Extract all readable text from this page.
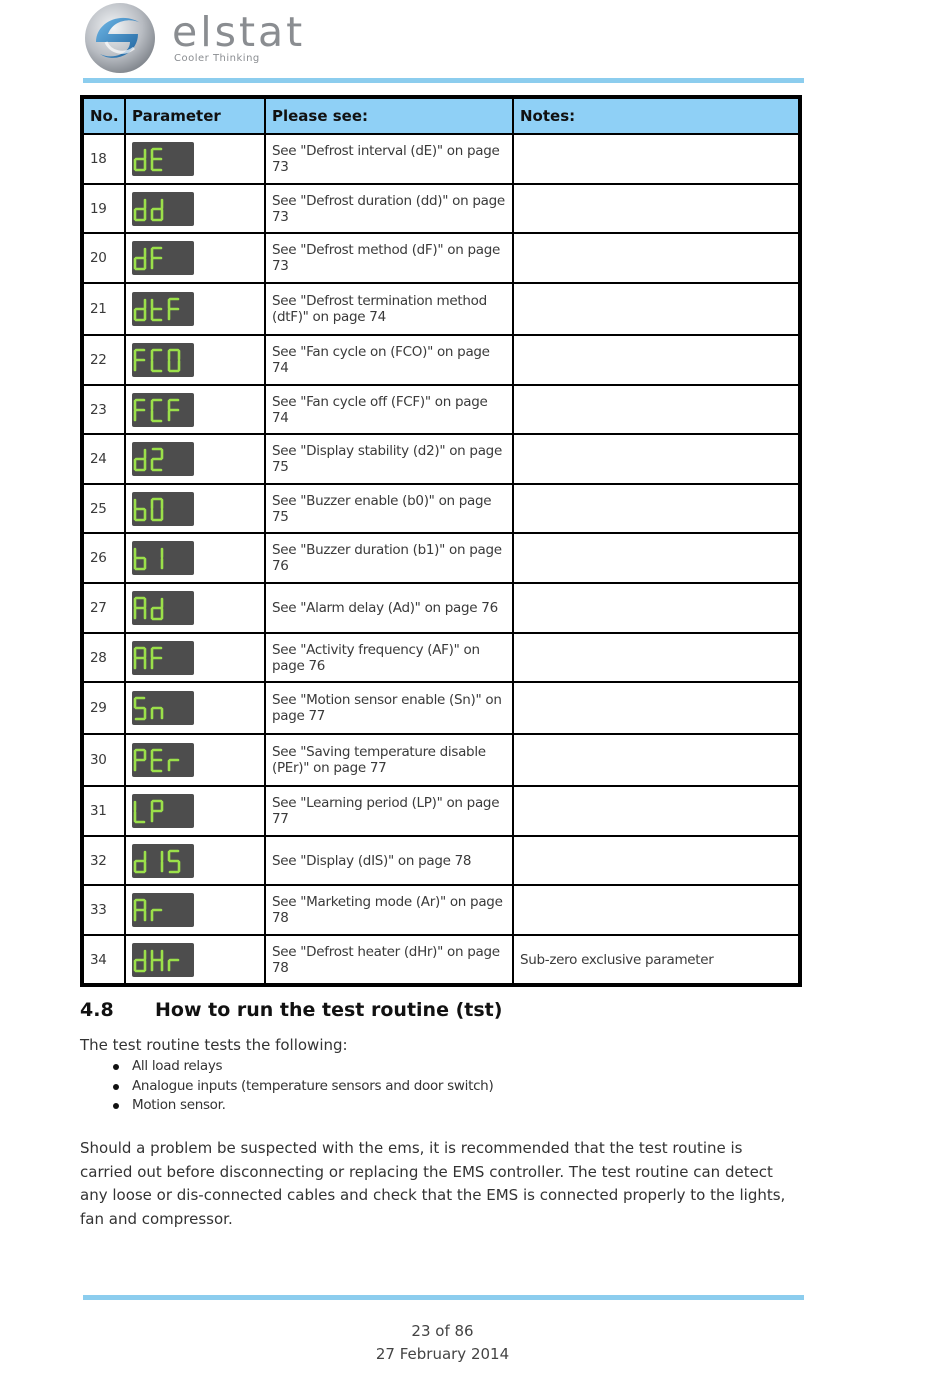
elstat
Cooler Thinking
No.	Parameter	Please see:	Notes:
18		See "Defrost interval (dE)" on page 73	
19		See "Defrost duration (dd)" on page 73	
20		See "Defrost method (dF)" on page 73	
21		See "Defrost termination method (dtF)" on page 74	
22		See "Fan cycle on (FCO)" on page 74	
23		See "Fan cycle off (FCF)" on page 74	
24		See "Display stability (d2)" on page 75	
25		See "Buzzer enable (b0)" on page 75	
26		See "Buzzer duration (b1)" on page 76	
27		See "Alarm delay (Ad)" on page 76	
28		See "Activity frequency (AF)" on page 76	
29		See "Motion sensor enable (Sn)" on page 77	
30		See "Saving temperature disable (PEr)" on page 77	
31		See "Learning period (LP)" on page 77	
32		See "Display (dIS)" on page 78	
33		See "Marketing mode (Ar)" on page 78	
34		See "Defrost heater (dHr)" on page 78	Sub-zero exclusive parameter
4.8 How to run the test routine (tst)
The test routine tests the following:
All load relays
Analogue inputs (temperature sensors and door switch)
Motion sensor.
Should a problem be suspected with the ems, it is recommended that the test routine is carried out before disconnecting or replacing the EMS controller. The test routine can detect any loose or dis-connected cables and check that the EMS is connected properly to the lights, fan and compressor.
23 of 86
27 February 2014
